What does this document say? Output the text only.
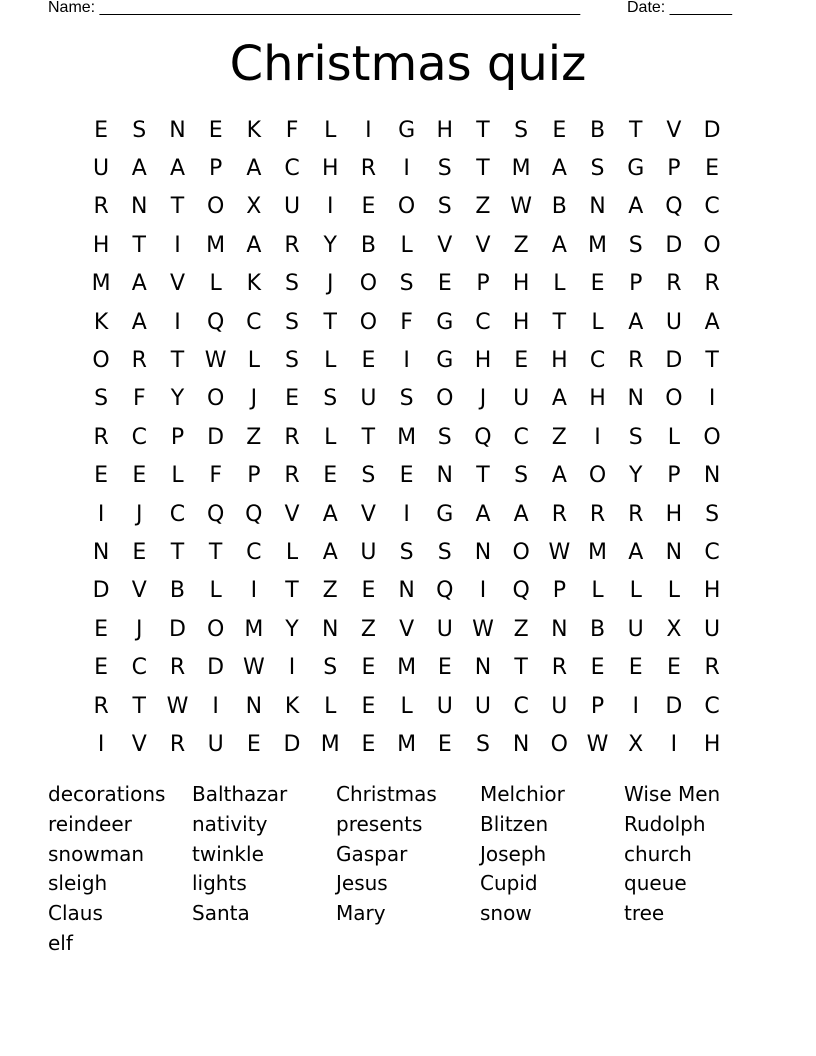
Name: ______________________________________________________	Date: _______
Christmas quiz
E	S	N	E	K	F	L	I	G H	T	S	E	B	T	V	D
U	A	A	P	A	C	H	R	I	S	T M A	S	G	P	E
R	N	T	O X	U	I	E	O	S	Z W B	N	A Q C
H	T	I	M A	R	Y	B	L	V	V	Z	A M S	D O
M A	V	L	K	S	J	O	S	E	P	H	L	E	P	R	R
K	A	I	Q C	S	T	O	F	G C	H	T	L	A	U	A
O R	T W L	S	L	E	I	G H	E	H	C	R	D	T
S	F	Y	O	J	E	S	U	S	O	J	U	A	H N O	I
R	C	P	D	Z	R	L	T M S	Q C	Z	I	S	L	O
E	E	L	F	P	R	E	S	E	N	T	S	A O	Y	P	N
I	J	C Q Q	V	A	V	I	G	A	A	R	R	R	H	S
N	E	T	T	C	L	A	U	S	S	N O W M A	N	C
D	V	B	L	I	T	Z	E	N Q	I	Q	P	L	L	L	H
E	J	D O M Y	N	Z	V	U W Z	N	B	U	X	U
E	C	R	D W	I	S	E M E	N	T	R	E	E	E	R
R	T W	I	N	K	L	E	L	U	U	C	U	P	I	D	C
I	V	R	U	E	D M E M E	S	N O W X	I	H
decorations	Balthazar	Christmas	Melchior	Wise Men
reindeer	nativity	presents	Blitzen	Rudolph
snowman	twinkle	Gaspar	Joseph	church
sleigh	lights	Jesus	Cupid	queue
Claus	Santa	Mary	snow	tree
elf
